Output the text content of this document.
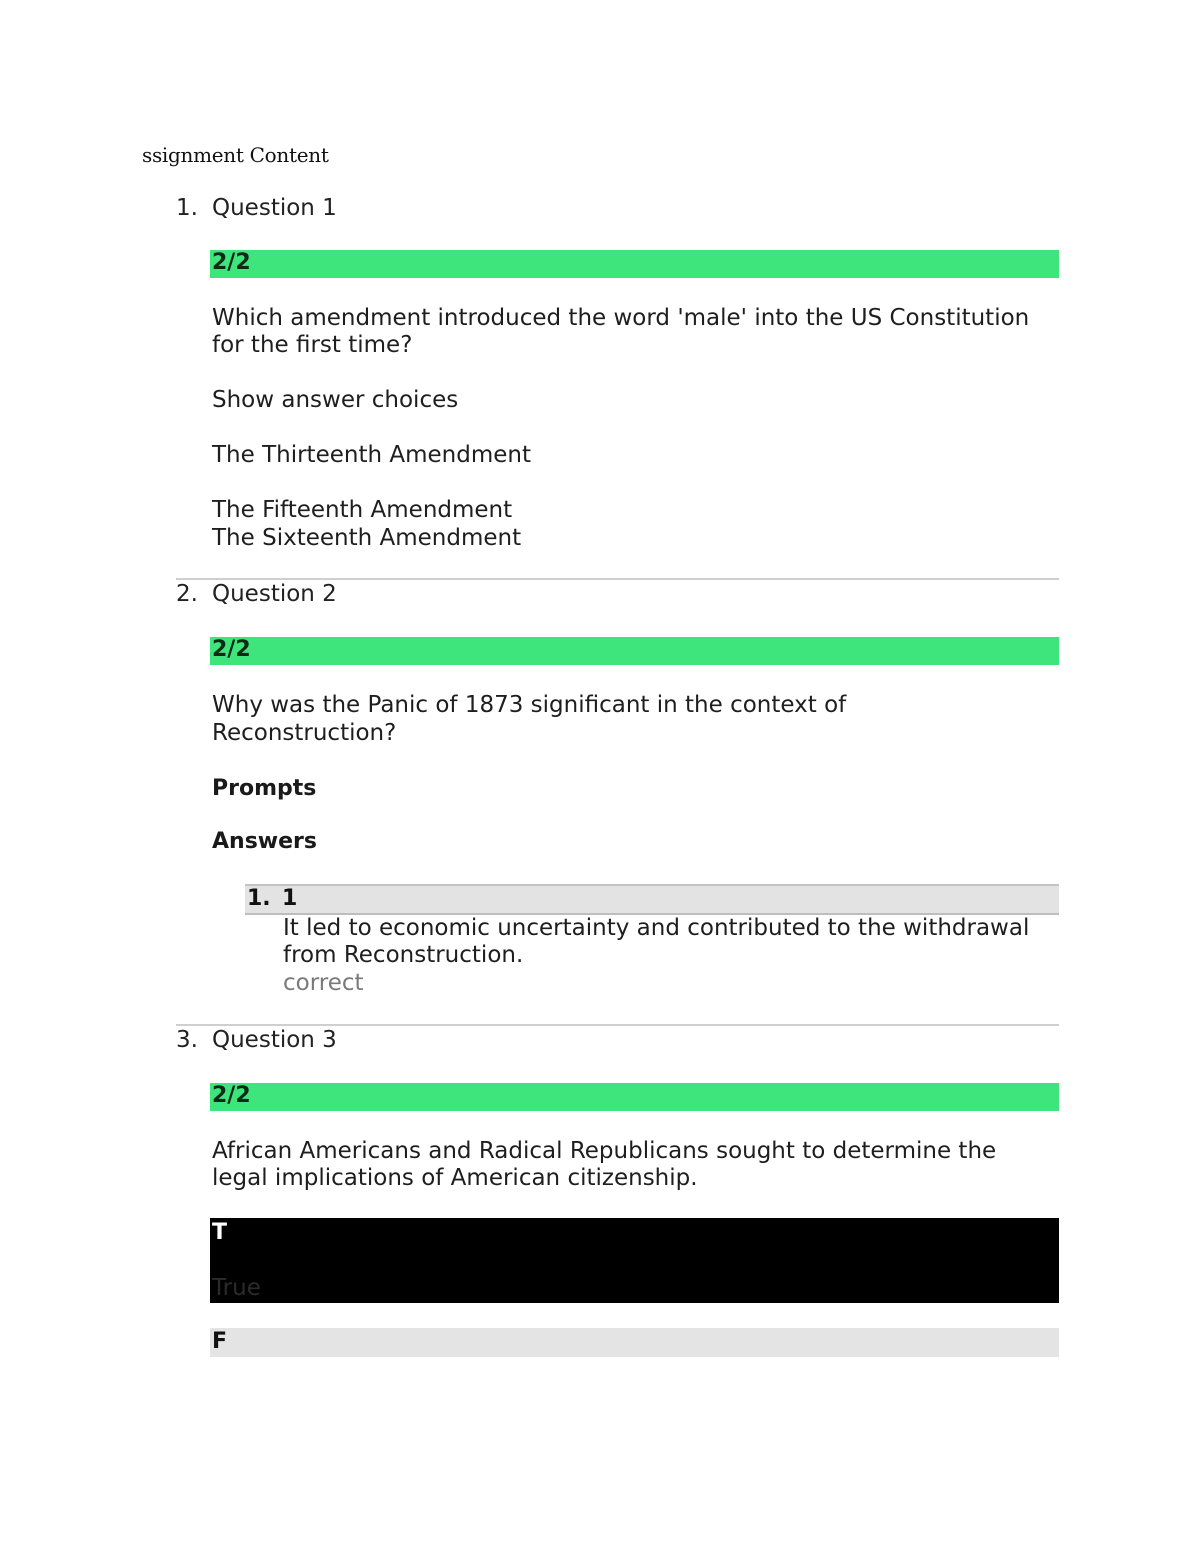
ssignment Content
1. Question 1
2/2
Which amendment introduced the word 'male' into the US Constitution
for the first time?
Show answer choices
The Thirteenth Amendment
The Fifteenth Amendment
The Sixteenth Amendment
2. Question 2
2/2
Why was the Panic of 1873 significant in the context of
Reconstruction?
Prompts
Answers
1. 1
It led to economic uncertainty and contributed to the withdrawal
from Reconstruction.
correct
3. Question 3
2/2
African Americans and Radical Republicans sought to determine the
legal implications of American citizenship.
T
True
F
